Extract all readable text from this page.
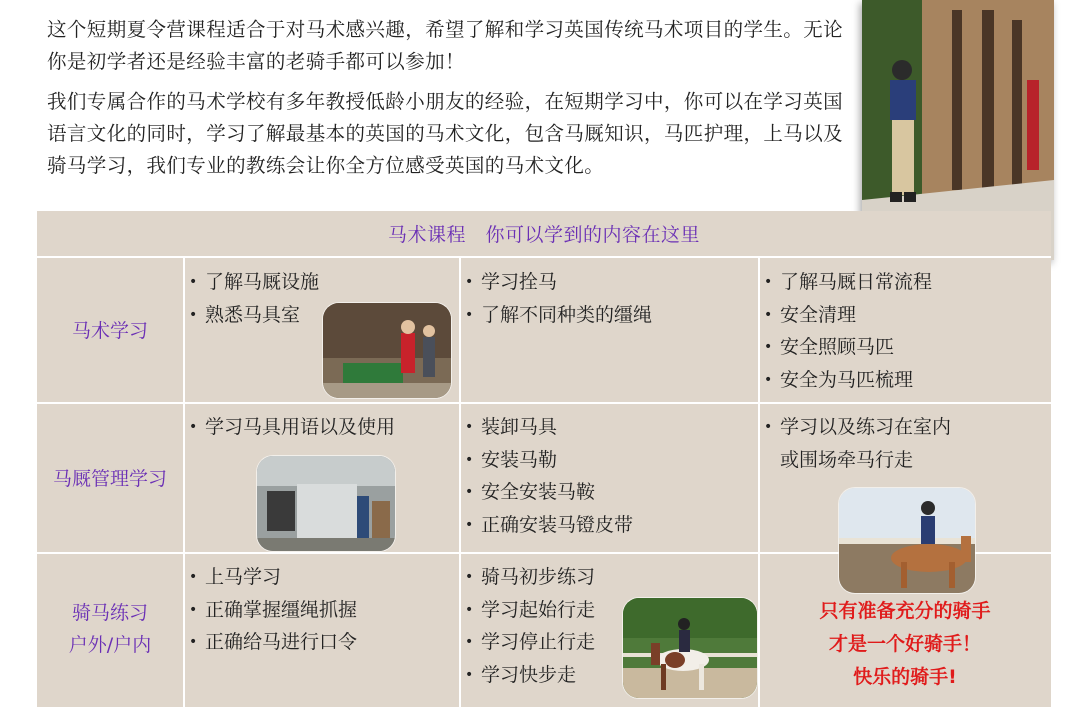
这个短期夏令营课程适合于对马术感兴趣，希望了解和学习英国传统马术项目的学生。无论你是初学者还是经验丰富的老骑手都可以参加！

我们专属合作的马术学校有多年教授低龄小朋友的经验，在短期学习中，你可以在学习英国语言文化的同时，学习了解最基本的英国的马术文化，包含马厩知识，马匹护理，上马以及骑马学习，我们专业的教练会让你全方位感受英国的马术文化。

马术课程　你可以学到的内容在这里
马术学习
• 了解马厩设施
• 熟悉马具室
• 学习拴马
• 了解不同种类的缰绳
• 了解马厩日常流程
• 安全清理
• 安全照顾马匹
• 安全为马匹梳理
马厩管理学习
• 学习马具用语以及使用
•	装卸马具
• 安装马勒
• 安全安装马鞍
• 正确安装马镫皮带
• 学习以及练习在室内
或围场牵马行走
骑马练习
户外/户内
• 上马学习
• 正确掌握缰绳抓握
• 正确给马进行口令
• 骑马初步练习
• 学习起始行走
• 学习停止行走
• 学习快步走
只有准备充分的骑手
才是一个好骑手！
快乐的骑手!
